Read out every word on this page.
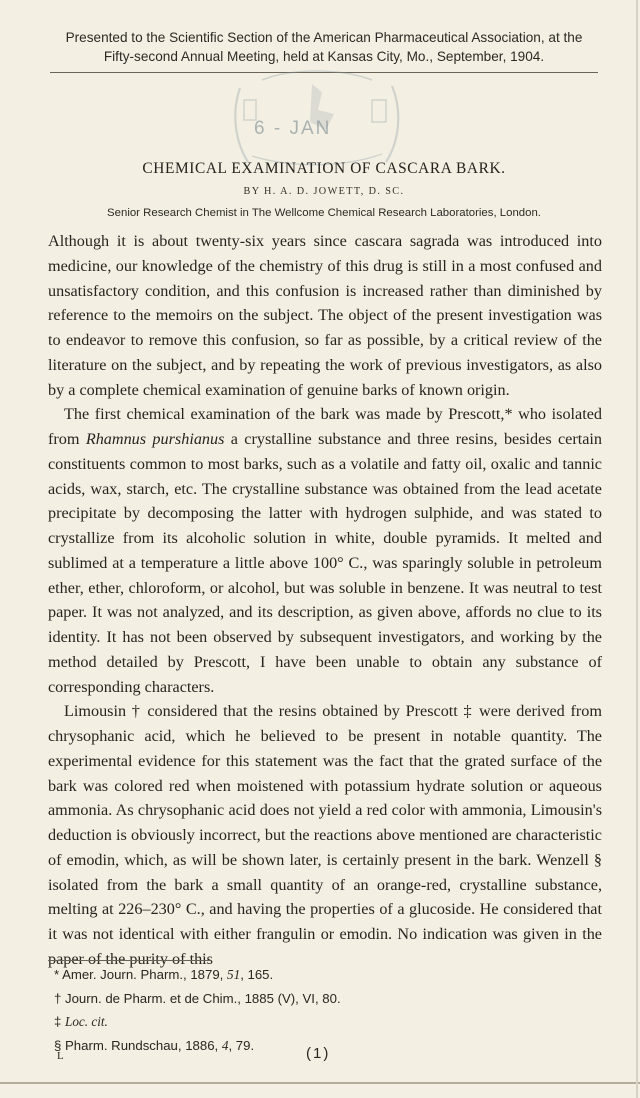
Presented to the Scientific Section of the American Pharmaceutical Association, at the
Fifty-second Annual Meeting, held at Kansas City, Mo., September, 1904.
6 - JAN
CHEMICAL EXAMINATION OF CASCARA BARK.
BY H. A. D. JOWETT, D. SC.
Senior Research Chemist in The Wellcome Chemical Research Laboratories, London.

Although it is about twenty-six years since cascara sagrada was introduced into medicine, our knowledge of the chemistry of this drug is still in a most confused and unsatisfactory condition, and this confusion is increased rather than diminished by reference to the memoirs on the subject. The object of the present investigation was to endeavor to remove this confusion, so far as possible, by a critical review of the literature on the subject, and by repeating the work of previous investigators, as also by a complete chemical examination of genuine barks of known origin.

The first chemical examination of the bark was made by Prescott,* who isolated from Rhamnus purshianus a crystalline substance and three resins, besides certain constituents common to most barks, such as a volatile and fatty oil, oxalic and tannic acids, wax, starch, etc. The crystalline substance was obtained from the lead acetate precipitate by decomposing the latter with hydrogen sulphide, and was stated to crystallize from its alcoholic solution in white, double pyramids. It melted and sublimed at a temperature a little above 100° C., was sparingly soluble in petroleum ether, ether, chloroform, or alcohol, but was soluble in benzene. It was neutral to test paper. It was not analyzed, and its description, as given above, affords no clue to its identity. It has not been observed by subsequent investigators, and working by the method detailed by Prescott, I have been unable to obtain any substance of corresponding characters.

Limousin † considered that the resins obtained by Prescott ‡ were derived from chrysophanic acid, which he believed to be present in notable quantity. The experimental evidence for this statement was the fact that the grated surface of the bark was colored red when moistened with potassium hydrate solution or aqueous ammonia. As chrysophanic acid does not yield a red color with ammonia, Limousin's deduction is obviously incorrect, but the reactions above mentioned are characteristic of emodin, which, as will be shown later, is certainly present in the bark. Wenzell § isolated from the bark a small quantity of an orange-red, crystalline substance, melting at 226–230° C., and having the properties of a glucoside. He considered that it was not identical with either frangulin or emodin. No indication was given in the paper of the purity of this

* Amer. Journ. Pharm., 1879, 51, 165.
† Journ. de Pharm. et de Chim., 1885 (V), VI, 80.
‡ Loc. cit.
§ Pharm. Rundschau, 1886, 4, 79.
L	(1)
